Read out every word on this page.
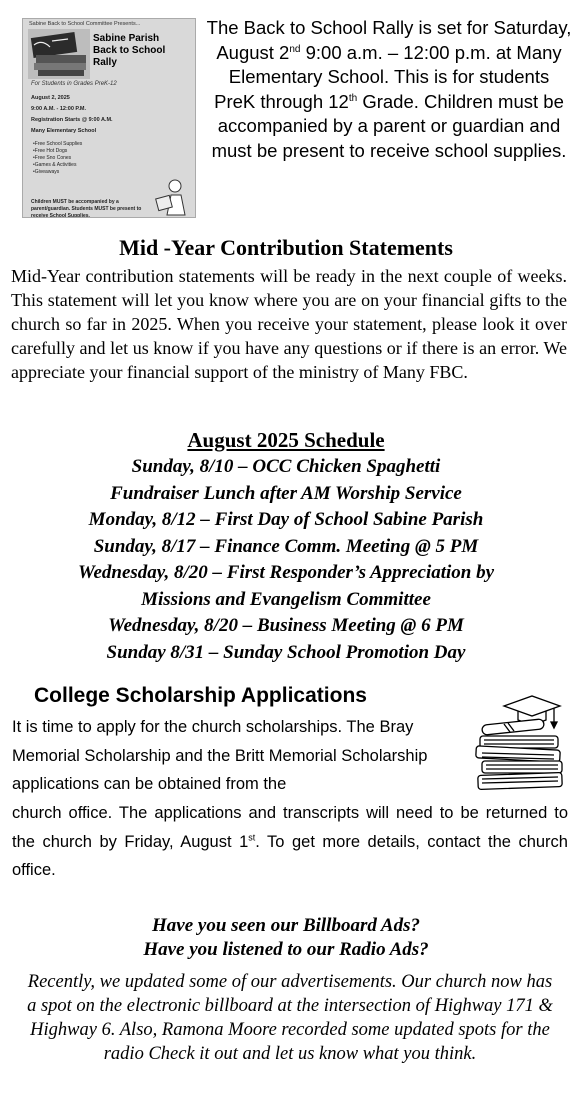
Sabine Back to School Committee Presents...
Sabine Parish
Back to School
Rally
For Students in Grades PreK-12
August 2, 2025
9:00 A.M. - 12:00 P.M.
Registration Starts @ 9:00 A.M.
Many Elementary School
• Free School Supplies
• Free Hot Dogs
• Free Sno Cones
• Games & Activities
• Giveaways
Children MUST be accompanied by a parent/guardian. Students MUST be present to receive School Supplies.
The Back to School Rally is set for Saturday, August 2nd 9:00 a.m. – 12:00 p.m. at Many Elementary School. This is for students PreK through 12th Grade. Children must be accompanied by a parent or guardian and must be present to receive school supplies.
Mid -Year Contribution Statements

Mid-Year contribution statements will be ready in the next couple of weeks. This statement will let you know where you are on your financial gifts to the church so far in 2025. When you receive your statement, please look it over carefully and let us know if you have any questions or if there is an error. We appreciate your financial support of the ministry of Many FBC.

August 2025 Schedule
Sunday, 8/10 – OCC Chicken Spaghetti
Fundraiser Lunch after AM Worship Service
Monday, 8/12 – First Day of School Sabine Parish
Sunday, 8/17 – Finance Comm. Meeting @ 5 PM
Wednesday, 8/20 – First Responder’s Appreciation by
Missions and Evangelism Committee
Wednesday, 8/20 – Business Meeting @ 6 PM
Sunday 8/31 – Sunday School Promotion Day
College Scholarship Applications

It is time to apply for the church scholarships. The Bray Memorial Scholarship and the Britt Memorial Scholarship applications can be obtained from the

church office. The applications and transcripts will need to be returned to the church by Friday, August 1st. To get more details, contact the church office.

Have you seen our Billboard Ads?
Have you listened to our Radio Ads?

Recently, we updated some of our advertisements. Our church now has a spot on the electronic billboard at the intersection of Highway 171 & Highway 6. Also, Ramona Moore recorded some updated spots for the radio Check it out and let us know what you think.
